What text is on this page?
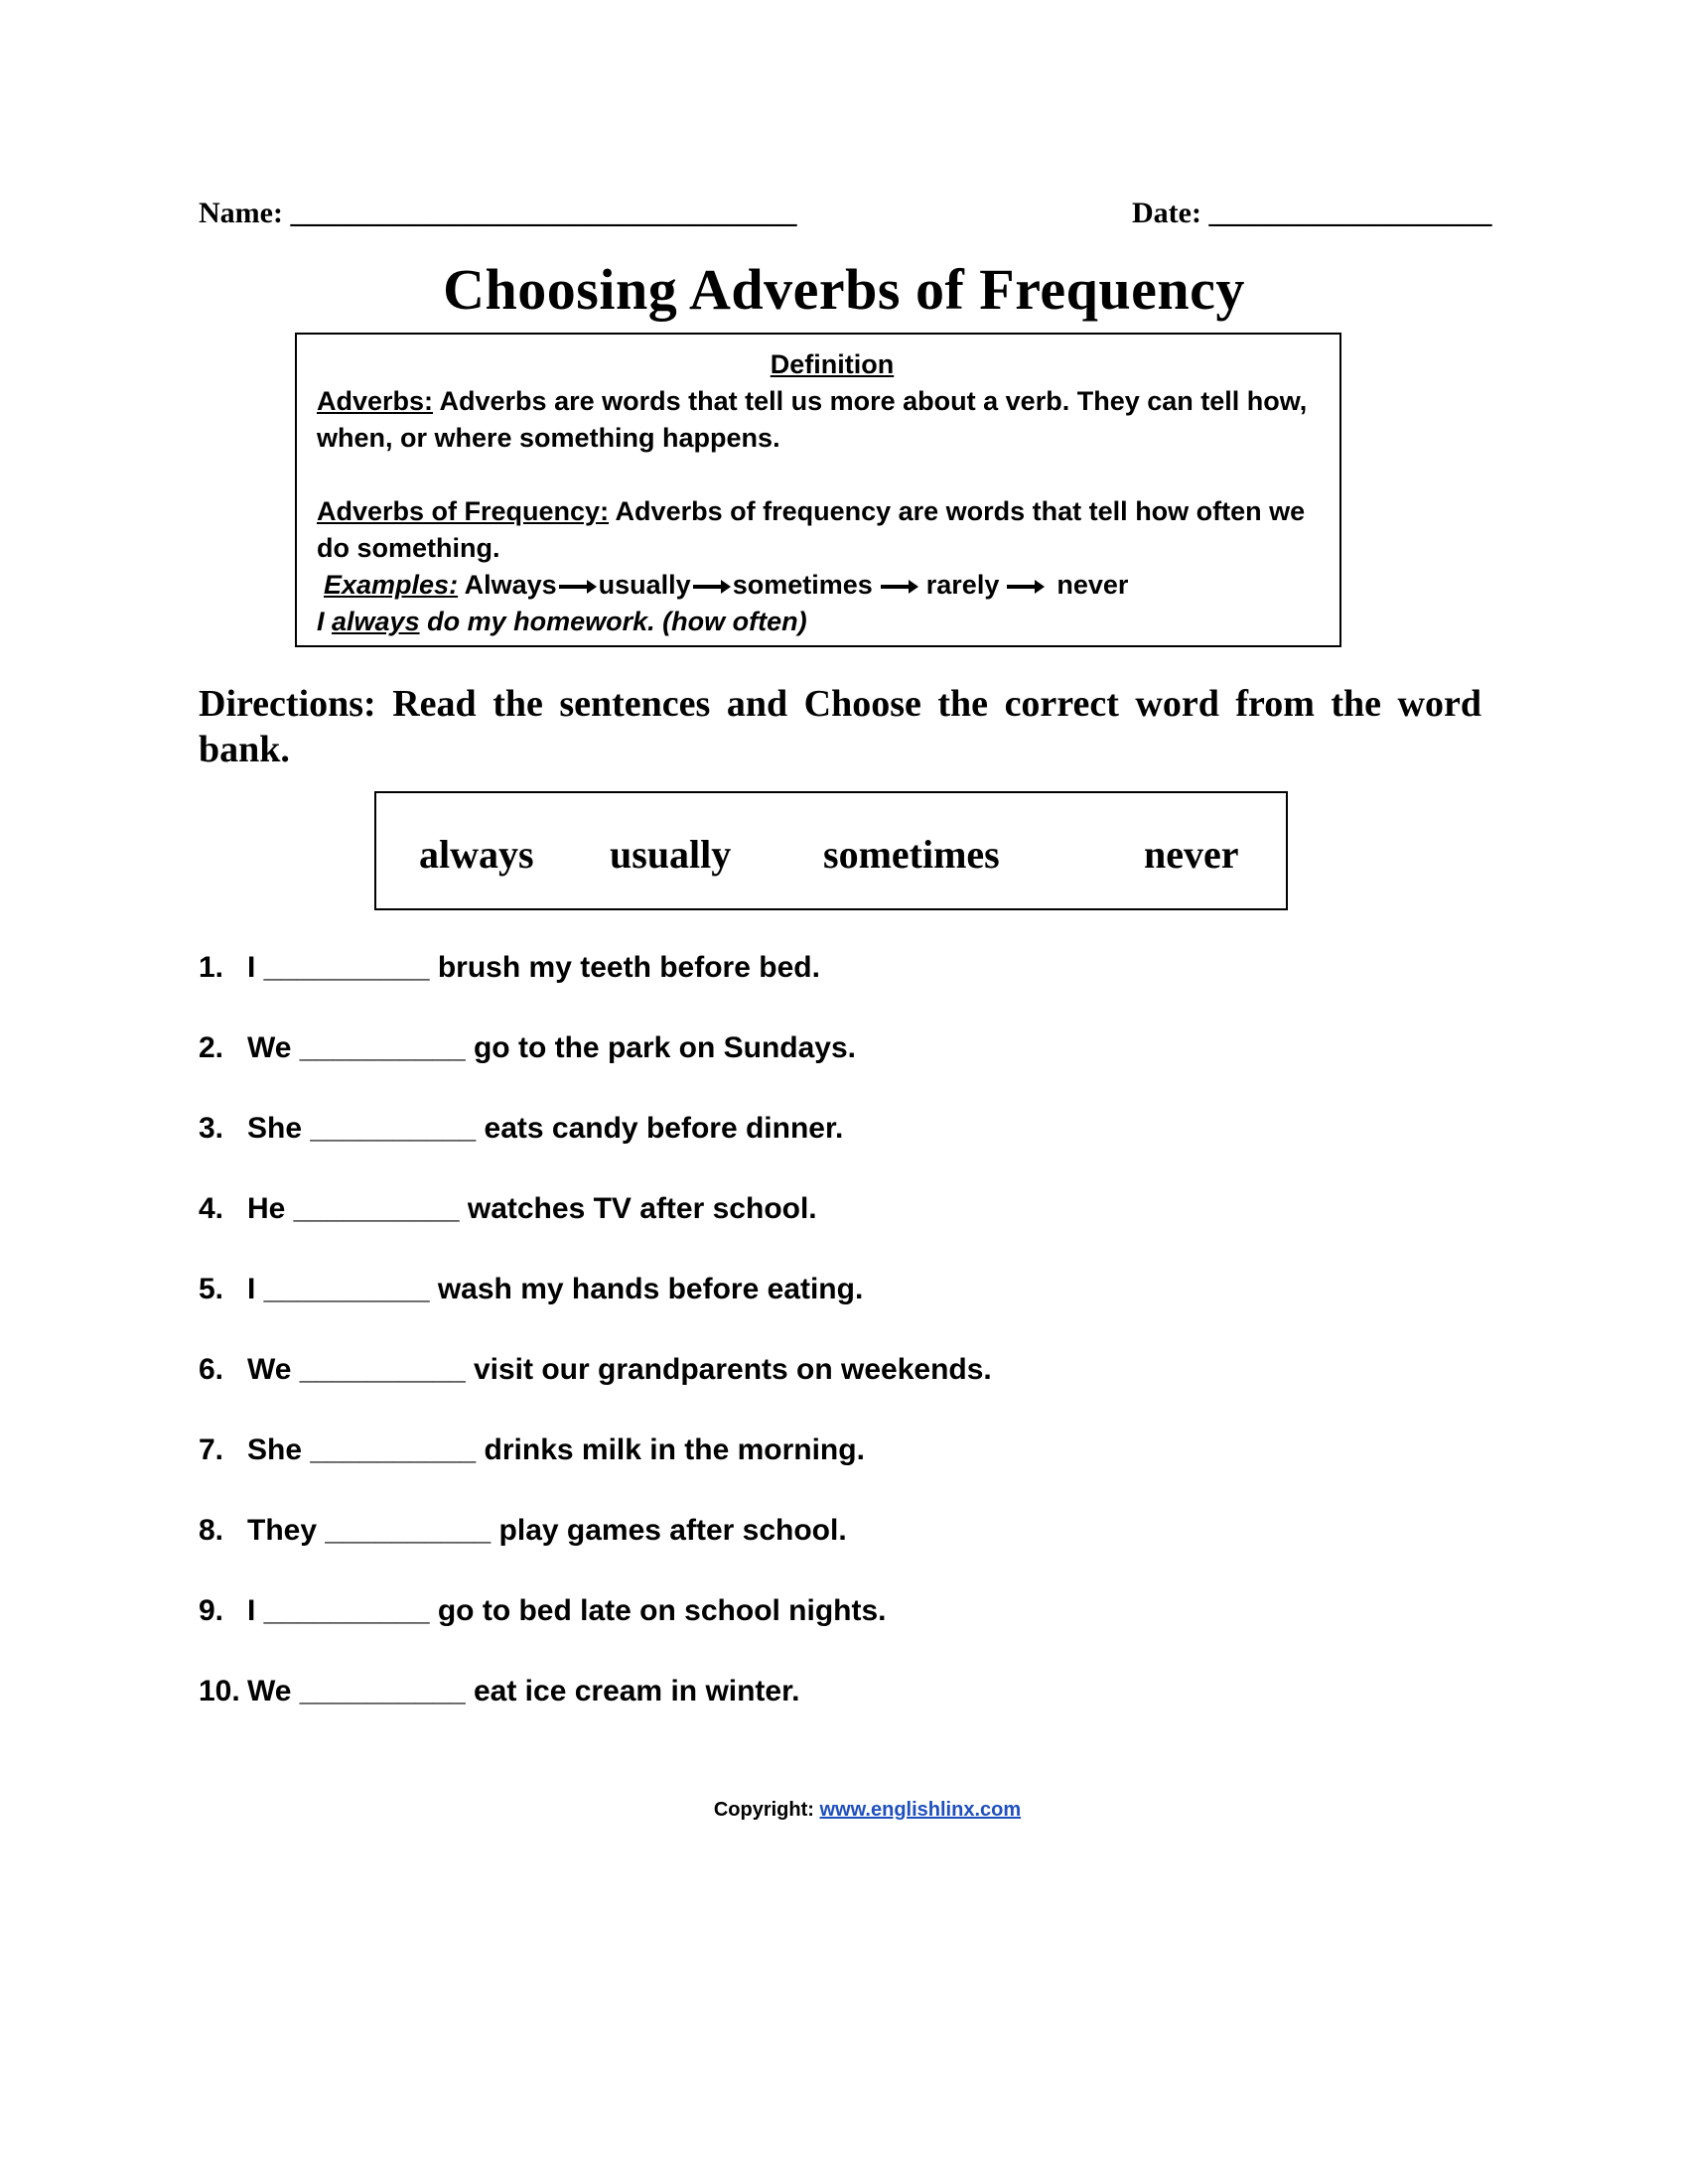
Name: __________________________________	Date: ___________________
Choosing Adverbs of Frequency
Definition
Adverbs: Adverbs are words that tell us more about a verb. They can tell how,
when, or where something happens.
Adverbs of Frequency: Adverbs of frequency are words that tell how often we
do something.
Examples: Always usually sometimes rarely never
I always do my homework. (how often)
Directions: Read the sentences and Choose the correct word from the word bank.
always usually sometimes	never
1. I __________ brush my teeth before bed.
2. We __________ go to the park on Sundays.
3. She __________ eats candy before dinner.
4. He __________ watches TV after school.
5. I __________ wash my hands before eating.
6. We __________ visit our grandparents on weekends.
7. She __________ drinks milk in the morning.
8. They __________ play games after school.
9. I __________ go to bed late on school nights.
10. We __________ eat ice cream in winter.
Copyright: www.englishlinx.com
